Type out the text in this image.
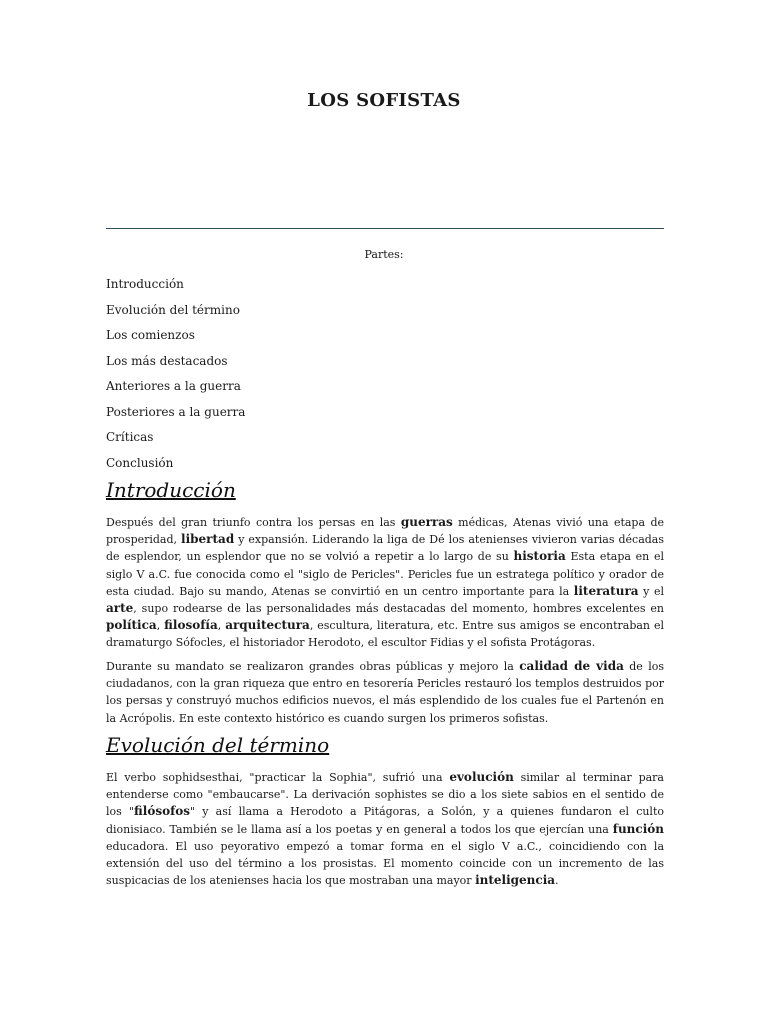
LOS SOFISTAS
Partes:
Introducción
Evolución del término
Los comienzos
Los más destacados
Anteriores a la guerra
Posteriores a la guerra
Críticas
Conclusión
Introducción

Después del gran triunfo contra los persas en las guerras médicas, Atenas vivió una etapa de prosperidad, libertad y expansión. Liderando la liga de Dé los atenienses vivieron varias décadas de esplendor, un esplendor que no se volvió a repetir a lo largo de su historia Esta etapa en el siglo V a.C. fue conocida como el "siglo de Pericles". Pericles fue un estratega político y orador de esta ciudad. Bajo su mando, Atenas se convirtió en un centro importante para la literatura y el arte, supo rodearse de las personalidades más destacadas del momento, hombres excelentes en política, filosofía, arquitectura, escultura, literatura, etc. Entre sus amigos se encontraban el dramaturgo Sófocles, el historiador Herodoto, el escultor Fidias y el sofista Protágoras.

Durante su mandato se realizaron grandes obras públicas y mejoro la calidad de vida de los ciudadanos, con la gran riqueza que entro en tesorería Pericles restauró los templos destruidos por los persas y construyó muchos edificios nuevos, el más esplendido de los cuales fue el Partenón en la Acrópolis. En este contexto histórico es cuando surgen los primeros sofistas.

Evolución del término

El verbo sophidsesthai, "practicar la Sophia", sufrió una evolución similar al terminar para entenderse como "embaucarse". La derivación sophistes se dio a los siete sabios en el sentido de los "filósofos" y así llama a Herodoto a Pitágoras, a Solón, y a quienes fundaron el culto dionisiaco. También se le llama así a los poetas y en general a todos los que ejercían una función educadora. El uso peyorativo empezó a tomar forma en el siglo V a.C., coincidiendo con la extensión del uso del término a los prosistas. El momento coincide con un incremento de las suspicacias de los atenienses hacia los que mostraban una mayor inteligencia.
